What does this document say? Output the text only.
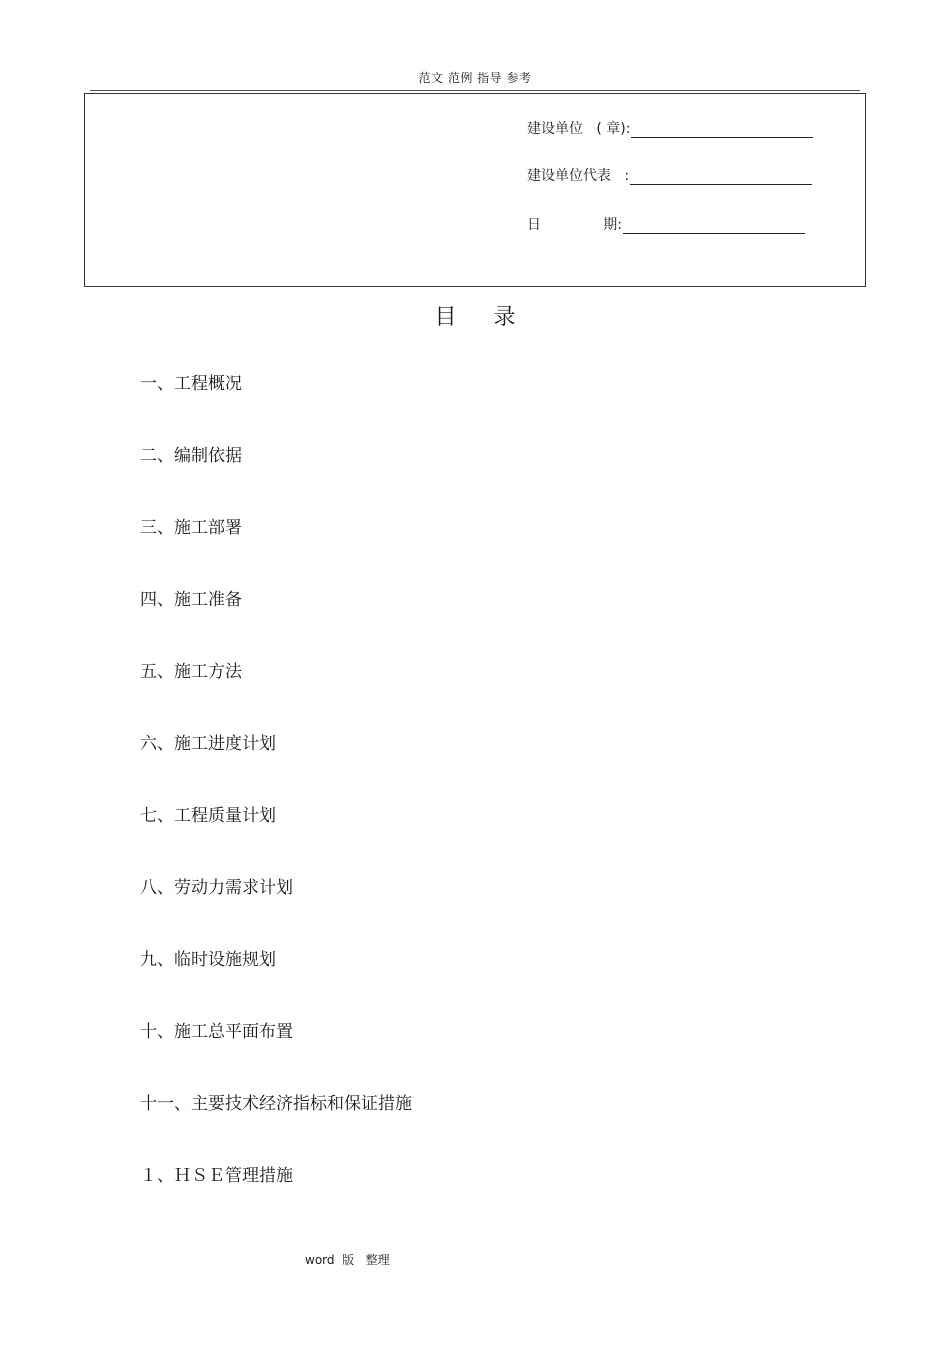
范文 范例 指导 参考
建设单位   ( 章):
建设单位代表   :
日              期:
目 录
一、工程概况
二、编制依据
三、施工部署
四、施工准备
五、施工方法
六、施工进度计划
七、工程质量计划
八、劳动力需求计划
九、临时设施规划
十、施工总平面布置
十一、主要技术经济指标和保证措施
１、ＨＳＥ管理措施
word  版   整理
